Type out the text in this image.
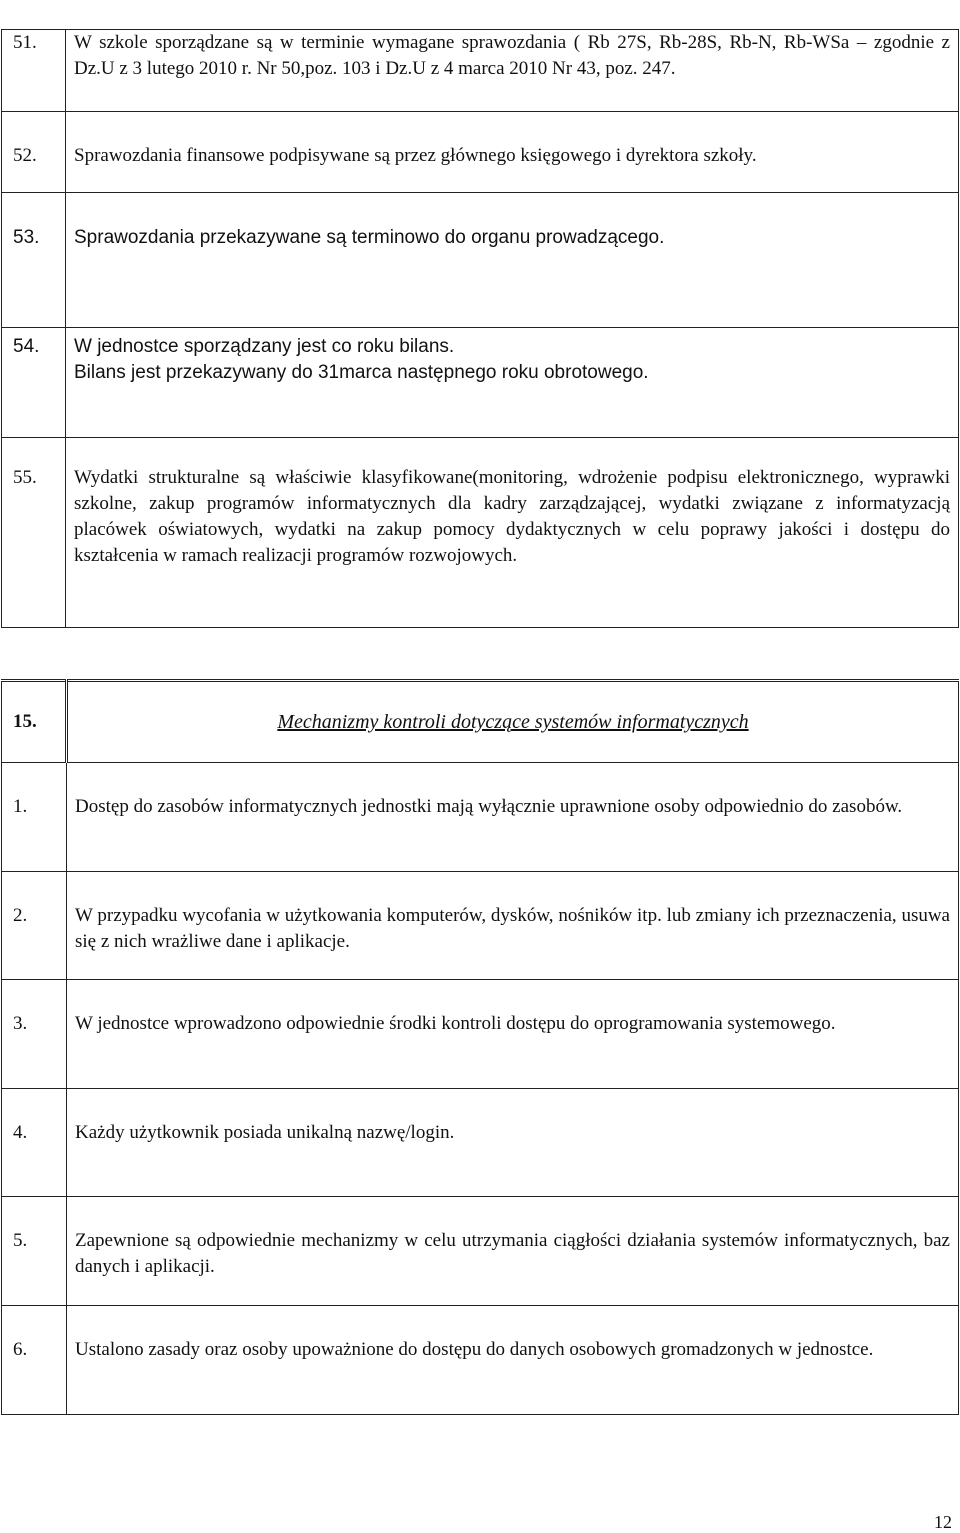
51.	W szkole sporządzane są w terminie wymagane sprawozdania ( Rb 27S, Rb-28S, Rb-N, Rb-WSa – zgodnie z Dz.U z 3 lutego 2010 r. Nr 50,poz. 103 i Dz.U z 4 marca 2010 Nr 43, poz. 247.
52.	Sprawozdania finansowe podpisywane są przez głównego księgowego i dyrektora szkoły.
53.	Sprawozdania przekazywane są terminowo do organu prowadzącego.
54.	W jednostce sporządzany jest co roku bilans.
Bilans jest przekazywany do 31marca następnego roku obrotowego.

55.	Wydatki strukturalne są właściwie klasyfikowane(monitoring, wdrożenie podpisu elektronicznego, wyprawki szkolne, zakup programów informatycznych dla kadry zarządzającej, wydatki związane z informatyzacją placówek oświatowych, wydatki na zakup pomocy dydaktycznych w celu poprawy jakości i dostępu do kształcenia w ramach realizacji programów rozwojowych.
15.	Mechanizmy kontroli dotyczące systemów informatycznych
1.	Dostęp do zasobów informatycznych jednostki mają wyłącznie uprawnione osoby odpowiednio do zasobów.
2.	W przypadku wycofania w użytkowania komputerów, dysków, nośników itp. lub zmiany ich przeznaczenia, usuwa się z nich wrażliwe dane i aplikacje.
3.	W jednostce wprowadzono odpowiednie środki kontroli dostępu do oprogramowania systemowego.
4.	Każdy użytkownik posiada unikalną nazwę/login.
5.	Zapewnione są odpowiednie mechanizmy w celu utrzymania ciągłości działania systemów informatycznych, baz danych i aplikacji.
6.	Ustalono zasady oraz osoby upoważnione do dostępu do danych osobowych gromadzonych w jednostce.
12
